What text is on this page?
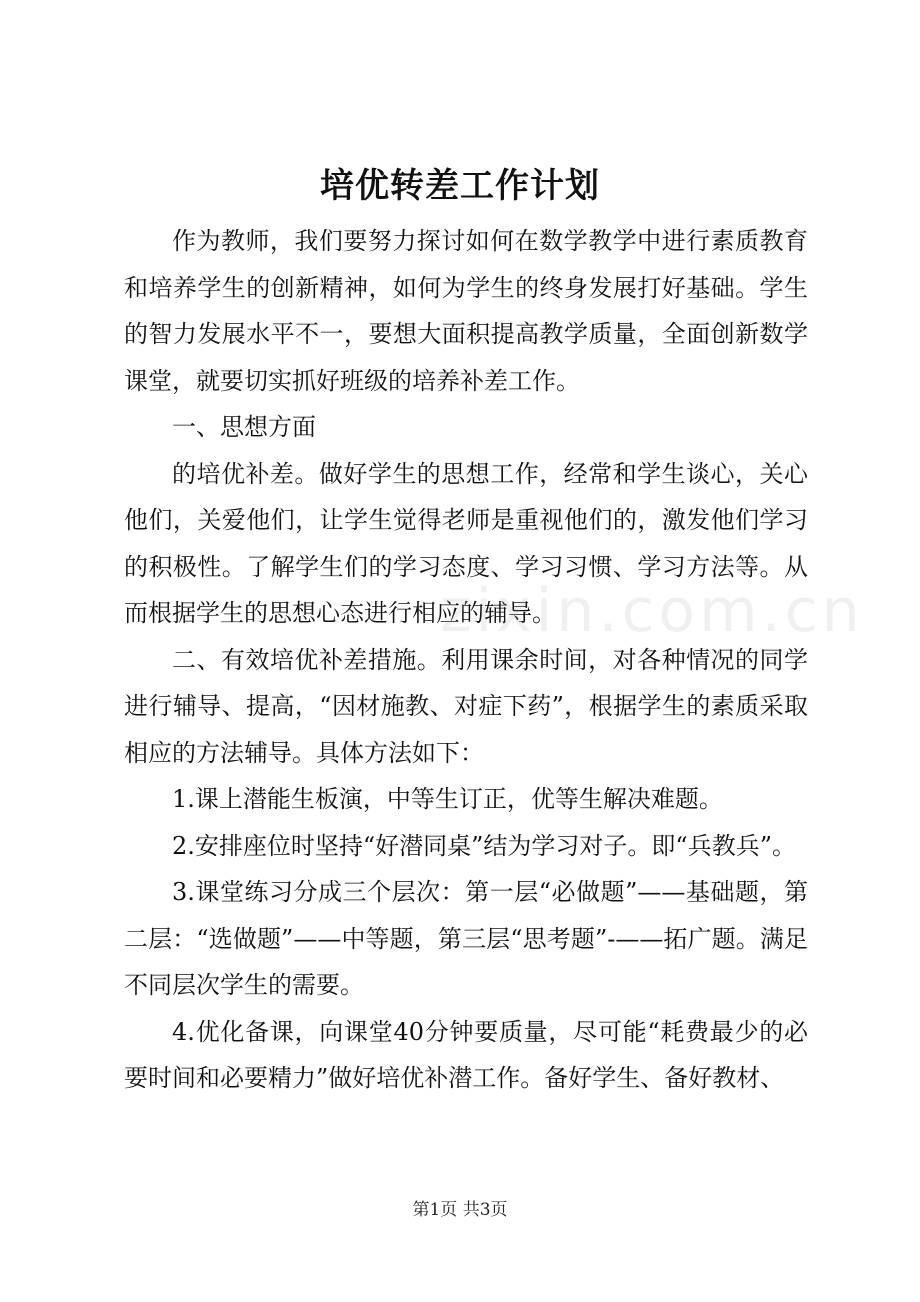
培优转差工作计划

作为教师，我们要努力探讨如何在数学教学中进行素质教育和培养学生的创新精神，如何为学生的终身发展打好基础。学生的智力发展水平不一，要想大面积提高教学质量，全面创新数学课堂，就要切实抓好班级的培养补差工作。

一、思想方面

的培优补差。做好学生的思想工作，经常和学生谈心，关心他们，关爱他们，让学生觉得老师是重视他们的，激发他们学习的积极性。了解学生们的学习态度、学习习惯、学习方法等。从而根据学生的思想心态进行相应的辅导。

二、有效培优补差措施。利用课余时间，对各种情况的同学进行辅导、提高，“因材施教、对症下药”，根据学生的素质采取相应的方法辅导。具体方法如下：

1.课上潜能生板演，中等生订正，优等生解决难题。

2.安排座位时坚持“好潜同桌”结为学习对子。即“兵教兵”。

3.课堂练习分成三个层次：第一层“必做题”——基础题，第二层：“选做题”——中等题，第三层“思考题”-——拓广题。满足不同层次学生的需要。

4.优化备课，向课堂40分钟要质量，尽可能“耗费最少的必要时间和必要精力”做好培优补潜工作。备好学生、备好教材、

zixin.com.cn
第1页 共3页
